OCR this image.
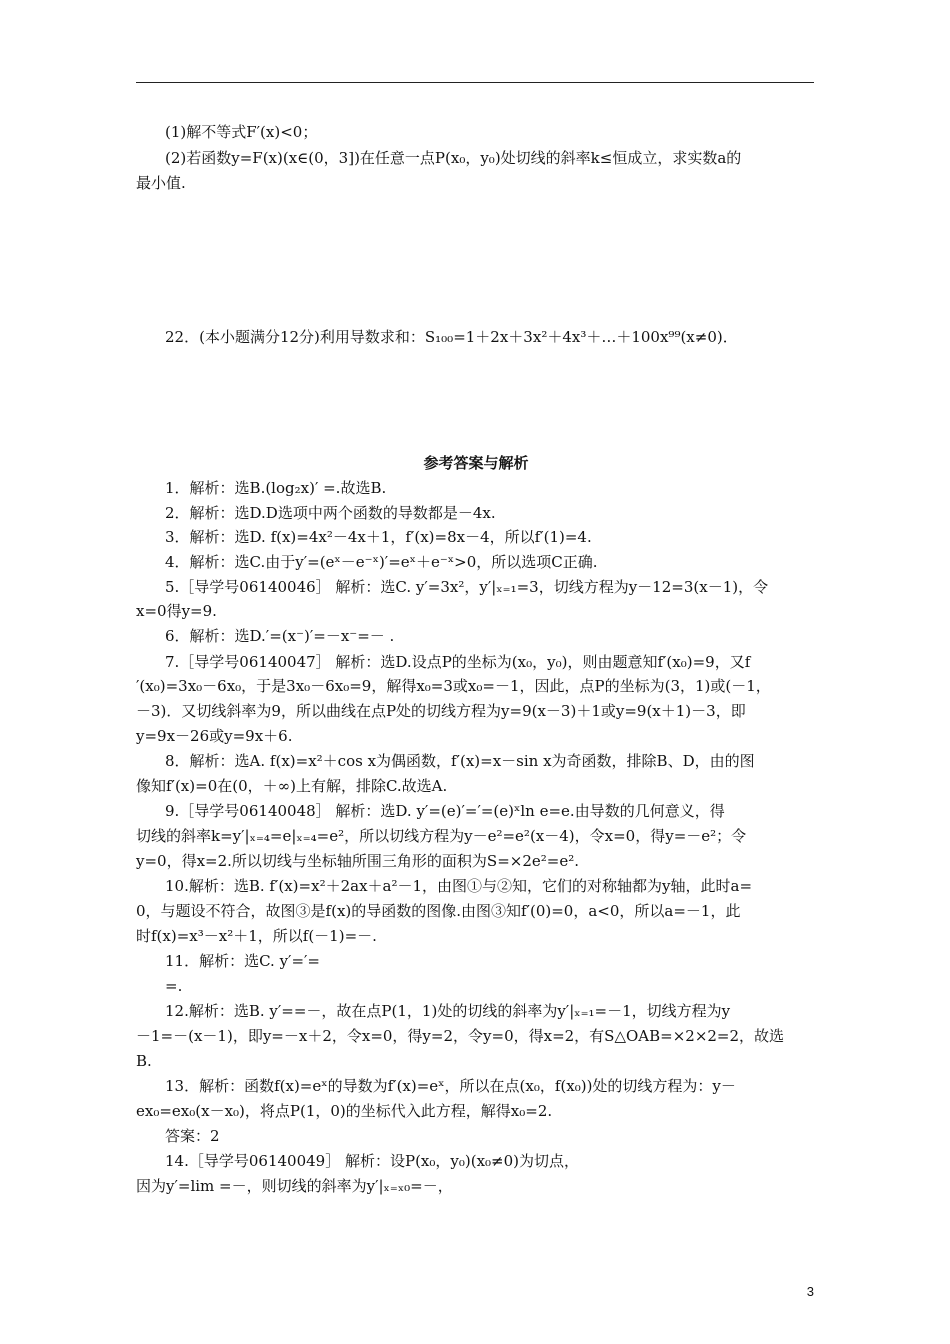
(1)解不等式F′(x)<0；
(2)若函数y=F(x)(x∈(0，3])在任意一点P(x₀，y₀)处切线的斜率k≤恒成立，求实数a的
最小值.
22．(本小题满分12分)利用导数求和：S₁₀₀=1＋2x＋3x²＋4x³＋…＋100x⁹⁹(x≠0)．
参考答案与解析
1．解析：选B.(log₂x)′ =.故选B.
2．解析：选D.D选项中两个函数的导数都是－4x.
3．解析：选D. f(x)=4x²－4x＋1，f′(x)=8x－4，所以f′(1)=4.
4．解析：选C.由于y′=(eˣ－e⁻ˣ)′=eˣ＋e⁻ˣ>0，所以选项C正确.
5.［导学号06140046］ 解析：选C. y′=3x²，y′|ₓ₌₁=3，切线方程为y－12=3(x－1)，令
x=0得y=9.
6．解析：选D.′=(x⁻)′=－x⁻=－ .
7.［导学号06140047］ 解析：选D.设点P的坐标为(x₀，y₀)，则由题意知f′(x₀)=9，又f
′(x₀)=3x₀－6x₀，于是3x₀－6x₀=9，解得x₀=3或x₀=－1，因此，点P的坐标为(3，1)或(－1，
－3)．又切线斜率为9，所以曲线在点P处的切线方程为y=9(x－3)＋1或y=9(x＋1)－3，即
y=9x－26或y=9x＋6.
8．解析：选A. f(x)=x²＋cos x为偶函数，f′(x)=x－sin x为奇函数，排除B、D，由的图
像知f′(x)=0在(0，＋∞)上有解，排除C.故选A.
9.［导学号06140048］ 解析：选D. y′=(e)′=′=(e)ˣln e=e.由导数的几何意义，得
切线的斜率k=y′|ₓ₌₄=e|ₓ₌₄=e²，所以切线方程为y－e²=e²(x－4)，令x=0，得y=－e²；令
y=0，得x=2.所以切线与坐标轴所围三角形的面积为S=×2e²=e².
10.解析：选B. f′(x)=x²＋2ax＋a²－1，由图①与②知，它们的对称轴都为y轴，此时a=
0，与题设不符合，故图③是f(x)的导函数的图像.由图③知f′(0)=0，a<0，所以a=－1，此
时f(x)=x³－x²＋1，所以f(－1)=－.
11．解析：选C. y′=′=
=.
12.解析：选B. y′==－，故在点P(1，1)处的切线的斜率为y′|ₓ₌₁=－1，切线方程为y
－1=－(x－1)，即y=－x＋2，令x=0，得y=2，令y=0，得x=2，有S△OAB=×2×2=2，故选
B.
13．解析：函数f(x)=eˣ的导数为f′(x)=eˣ，所以在点(x₀，f(x₀))处的切线方程为：y－
ex₀=ex₀(x－x₀)，将点P(1，0)的坐标代入此方程，解得x₀=2.
答案：2
14.［导学号06140049］ 解析：设P(x₀，y₀)(x₀≠0)为切点，
因为y′=lim =－，则切线的斜率为y′|ₓ₌ₓ₀=－，
3
